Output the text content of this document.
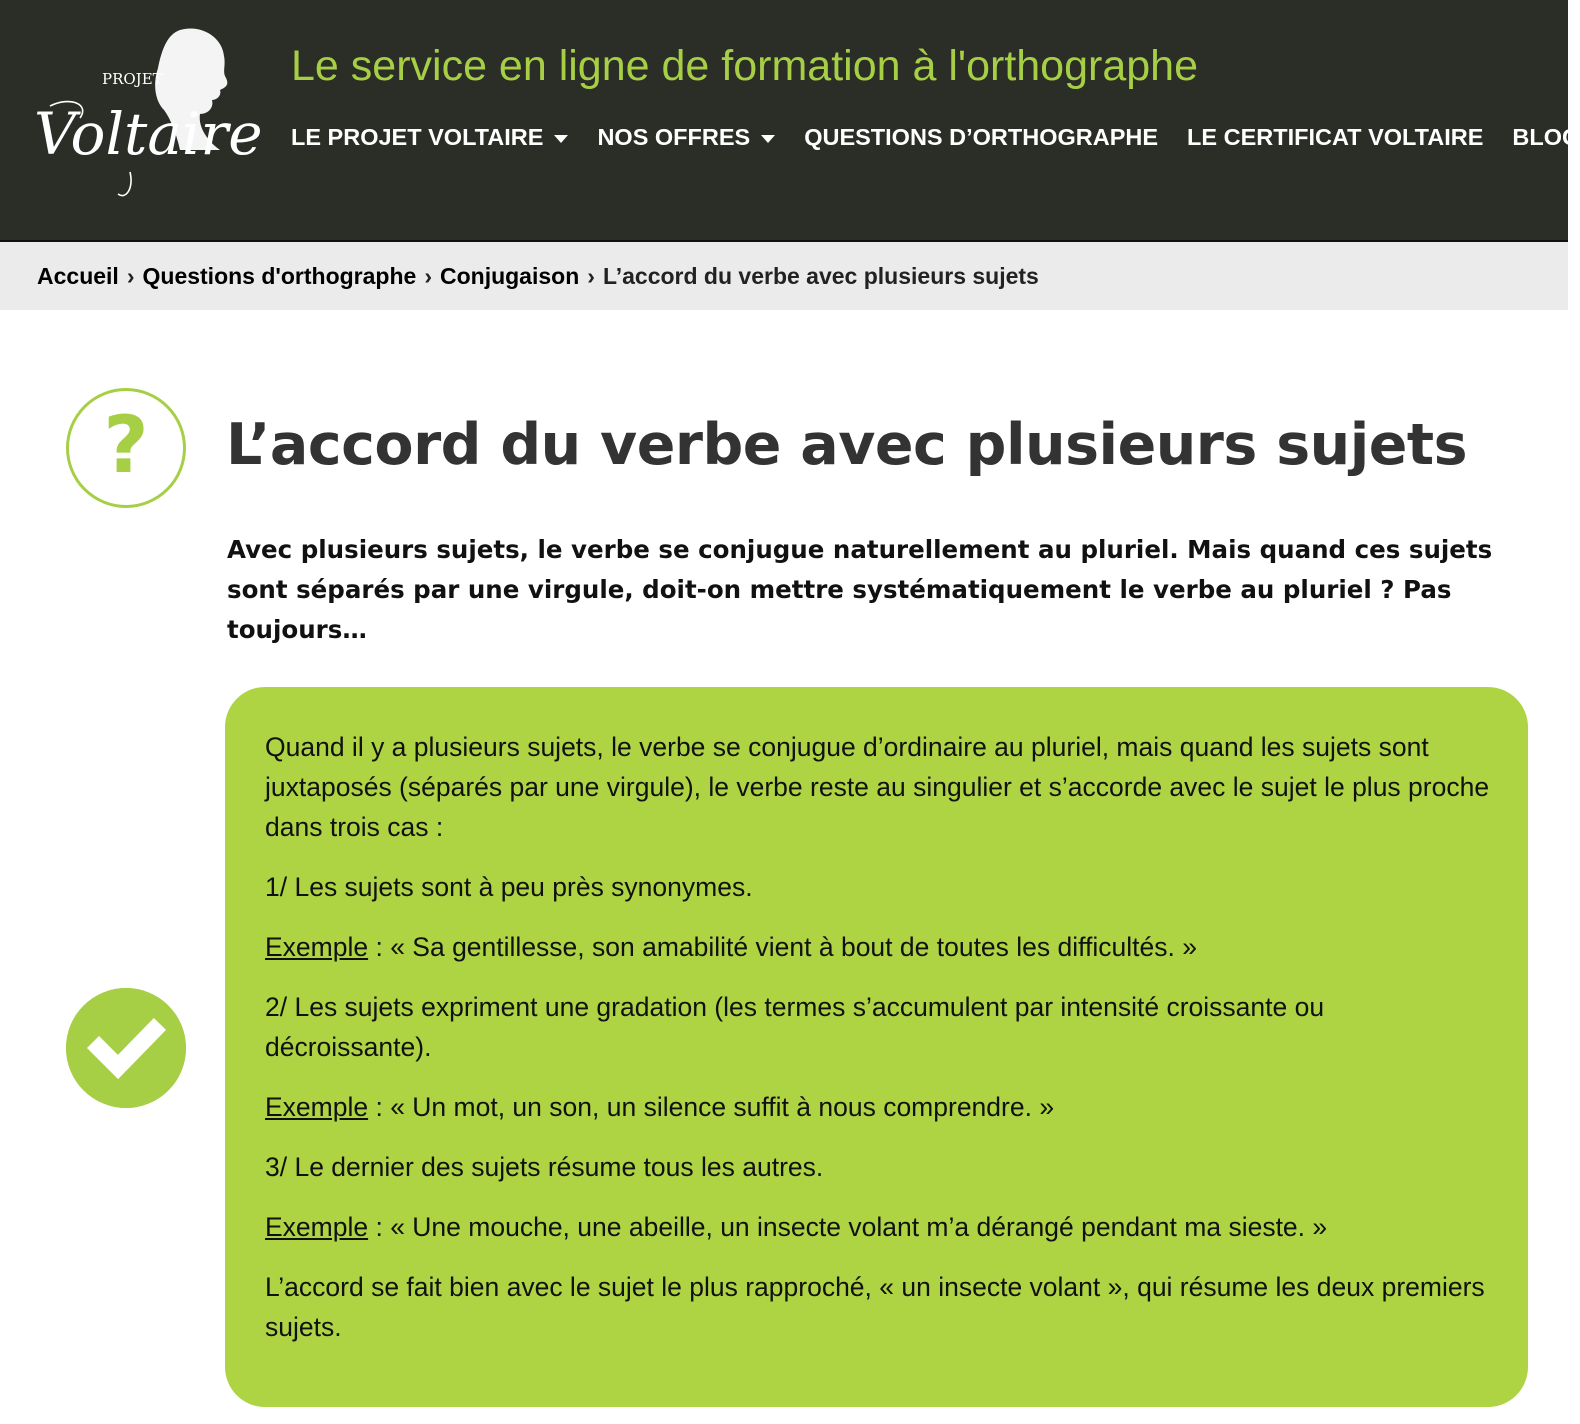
PROJET
Voltaire
Le service en ligne de formation à l'orthographe
LE PROJET VOLTAIRE NOS OFFRES QUESTIONS D’ORTHOGRAPHE LE CERTIFICAT VOLTAIRE BLOG
Accueil › Questions d'orthographe › Conjugaison › L’accord du verbe avec plusieurs sujets
? L’accord du verbe avec plusieurs sujets

Avec plusieurs sujets, le verbe se conjugue naturellement au pluriel. Mais quand ces sujets sont séparés par une virgule, doit-on mettre systématiquement le verbe au pluriel ? Pas toujours…

Quand il y a plusieurs sujets, le verbe se conjugue d’ordinaire au pluriel, mais quand les sujets sont juxtaposés (séparés par une virgule), le verbe reste au singulier et s’accorde avec le sujet le plus proche dans trois cas :

1/ Les sujets sont à peu près synonymes.

Exemple : « Sa gentillesse, son amabilité vient à bout de toutes les difficultés. »

2/ Les sujets expriment une gradation (les termes s’accumulent par intensité croissante ou décroissante).

Exemple : « Un mot, un son, un silence suffit à nous comprendre. »

3/ Le dernier des sujets résume tous les autres.

Exemple : « Une mouche, une abeille, un insecte volant m’a dérangé pendant ma sieste. »

L’accord se fait bien avec le sujet le plus rapproché, « un insecte volant », qui résume les deux premiers sujets.
